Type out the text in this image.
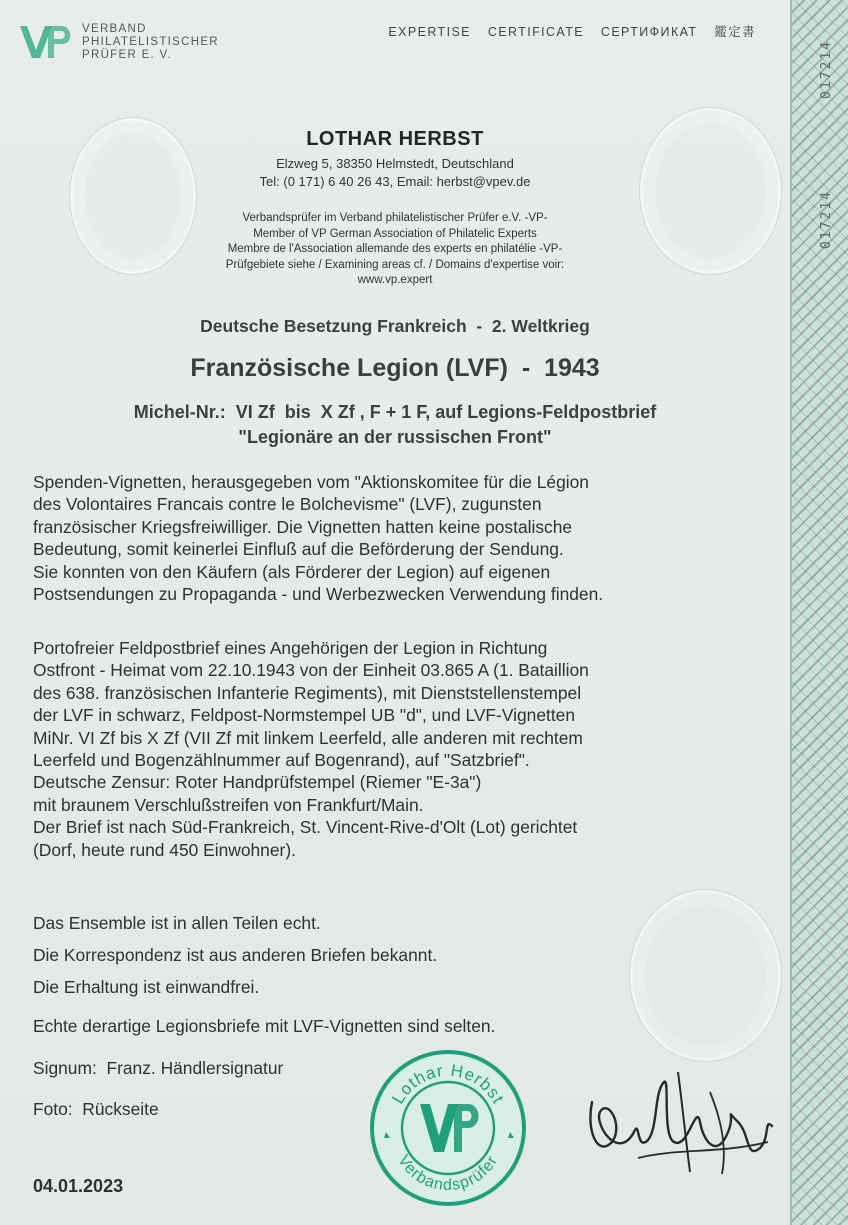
017214
017214
VERBAND
PHILATELISTISCHER
PRÜFER E. V.
EXPERTISE CERTIFICATE СЕРТИФИКАТ 鑑定書
LOTHAR HERBST
Elzweg 5, 38350 Helmstedt, Deutschland
Tel: (0 171) 6 40 26 43, Email: herbst@vpev.de
Verbandsprüfer im Verband philatelistischer Prüfer e.V. -VP-
Member of VP German Association of Philatelic Experts
Membre de l'Association allemande des experts en philatélie -VP-
Prüfgebiete siehe / Examining areas cf. / Domains d'expertise voir:
www.vp.expert
Deutsche Besetzung Frankreich  -  2. Weltkrieg
Französische Legion (LVF)  -  1943
Michel-Nr.:  VI Zf  bis  X Zf , F + 1 F, auf Legions-Feldpostbrief
"Legionäre an der russischen Front"
Spenden-Vignetten, herausgegeben vom "Aktionskomitee für die Légion
des Volontaires Francais contre le Bolchevisme" (LVF), zugunsten
französischer Kriegsfreiwilliger. Die Vignetten hatten keine postalische
Bedeutung, somit keinerlei Einfluß auf die Beförderung der Sendung.
Sie konnten von den Käufern (als Förderer der Legion) auf eigenen
Postsendungen zu Propaganda - und Werbezwecken Verwendung finden.
Portofreier Feldpostbrief eines Angehörigen der Legion in Richtung
Ostfront - Heimat vom 22.10.1943 von der Einheit 03.865 A (1. Bataillion
des 638. französischen Infanterie Regiments), mit Dienststellenstempel
der LVF in schwarz, Feldpost-Normstempel UB "d", und LVF-Vignetten
MiNr. VI Zf bis X Zf (VII Zf mit linkem Leerfeld, alle anderen mit rechtem
Leerfeld und Bogenzählnummer auf Bogenrand), auf "Satzbrief".
Deutsche Zensur: Roter Handprüfstempel (Riemer "E-3a")
mit braunem Verschlußstreifen von Frankfurt/Main.
Der Brief ist nach Süd-Frankreich, St. Vincent-Rive-d'Olt (Lot) gerichtet
(Dorf, heute rund 450 Einwohner).
Das Ensemble ist in allen Teilen echt.
Die Korrespondenz ist aus anderen Briefen bekannt.
Die Erhaltung ist einwandfrei.
Echte derartige Legionsbriefe mit LVF-Vignetten sind selten.
Signum:  Franz. Händlersignatur
Foto:  Rückseite
04.01.2023
Lothar Herbst
Verbandsprüfer
